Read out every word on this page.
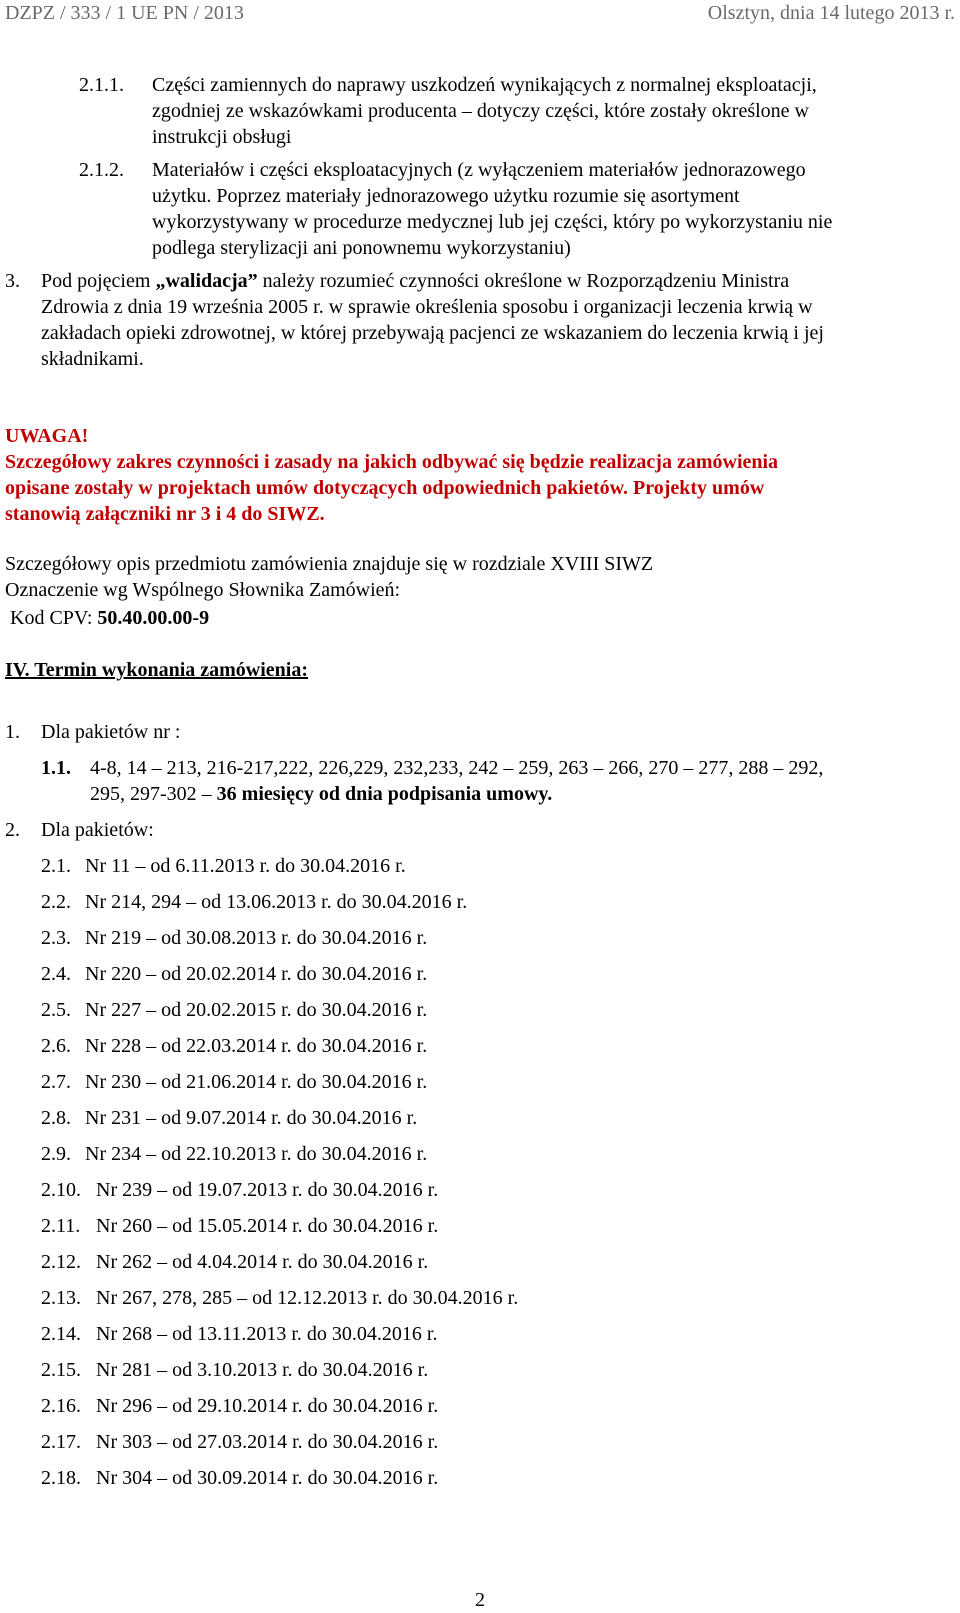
DZPZ / 333 / 1 UE PN / 2013	Olsztyn, dnia 14 lutego 2013 r.
2.1.1. Części zamiennych do naprawy uszkodzeń wynikających z normalnej eksploatacji,
zgodniej ze wskazówkami producenta – dotyczy części, które zostały określone w
instrukcji obsługi
2.1.2. Materiałów i części eksploatacyjnych (z wyłączeniem materiałów jednorazowego
użytku. Poprzez materiały jednorazowego użytku rozumie się asortyment
wykorzystywany w procedurze medycznej lub jej części, który po wykorzystaniu nie
podlega sterylizacji ani ponownemu wykorzystaniu)
3. Pod pojęciem „walidacja” należy rozumieć czynności określone w Rozporządzeniu Ministra
Zdrowia z dnia 19 września 2005 r. w sprawie określenia sposobu i organizacji leczenia krwią w
zakładach opieki zdrowotnej, w której przebywają pacjenci ze wskazaniem do leczenia krwią i jej
składnikami.
UWAGA!
Szczegółowy zakres czynności i zasady na jakich odbywać się będzie realizacja zamówienia
opisane zostały w projektach umów dotyczących odpowiednich pakietów. Projekty umów
stanowią załączniki nr 3 i 4 do SIWZ.
Szczegółowy opis przedmiotu zamówienia znajduje się w rozdziale XVIII SIWZ
Oznaczenie wg Wspólnego Słownika Zamówień:
Kod CPV: 50.40.00.00-9
IV. Termin wykonania zamówienia:
1. Dla pakietów nr :
1.1. 4-8, 14 – 213, 216-217,222, 226,229, 232,233, 242 – 259, 263 – 266, 270 – 277, 288 – 292,
295, 297-302 – 36 miesięcy od dnia podpisania umowy.
2. Dla pakietów:
2.1. Nr 11 – od 6.11.2013 r. do 30.04.2016 r.
2.2. Nr 214, 294 – od 13.06.2013 r. do 30.04.2016 r.
2.3. Nr 219 – od 30.08.2013 r. do 30.04.2016 r.
2.4. Nr 220 – od 20.02.2014 r. do 30.04.2016 r.
2.5. Nr 227 – od 20.02.2015 r. do 30.04.2016 r.
2.6. Nr 228 – od 22.03.2014 r. do 30.04.2016 r.
2.7. Nr 230 – od 21.06.2014 r. do 30.04.2016 r.
2.8. Nr 231 – od 9.07.2014 r. do 30.04.2016 r.
2.9. Nr 234 – od 22.10.2013 r. do 30.04.2016 r.
2.10. Nr 239 – od 19.07.2013 r. do 30.04.2016 r.
2.11. Nr 260 – od 15.05.2014 r. do 30.04.2016 r.
2.12. Nr 262 – od 4.04.2014 r. do 30.04.2016 r.
2.13. Nr 267, 278, 285 – od 12.12.2013 r. do 30.04.2016 r.
2.14. Nr 268 – od 13.11.2013 r. do 30.04.2016 r.
2.15. Nr 281 – od 3.10.2013 r. do 30.04.2016 r.
2.16. Nr 296 – od 29.10.2014 r. do 30.04.2016 r.
2.17. Nr 303 – od 27.03.2014 r. do 30.04.2016 r.
2.18. Nr 304 – od 30.09.2014 r. do 30.04.2016 r.
2
